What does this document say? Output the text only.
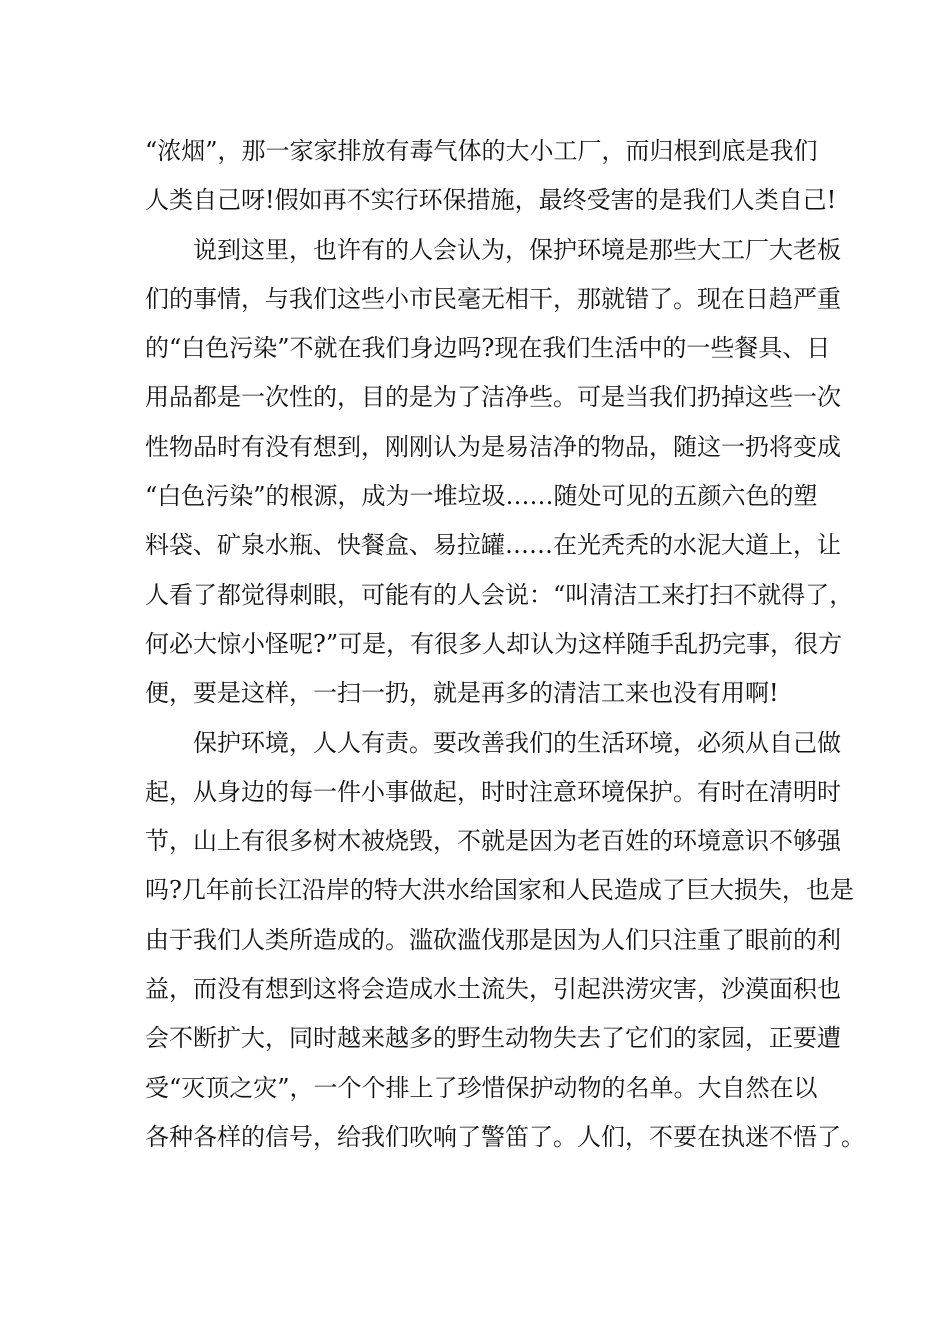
“浓烟”，那一家家排放有毒气体的大小工厂，而归根到底是我们
人类自己呀!假如再不实行环保措施，最终受害的是我们人类自己!
说到这里，也许有的人会认为，保护环境是那些大工厂大老板
们的事情，与我们这些小市民毫无相干，那就错了。现在日趋严重
的“白色污染”不就在我们身边吗?现在我们生活中的一些餐具、日
用品都是一次性的，目的是为了洁净些。可是当我们扔掉这些一次
性物品时有没有想到，刚刚认为是易洁净的物品，随这一扔将变成
“白色污染”的根源，成为一堆垃圾……随处可见的五颜六色的塑
料袋、矿泉水瓶、快餐盒、易拉罐……在光秃秃的水泥大道上，让
人看了都觉得刺眼，可能有的人会说：“叫清洁工来打扫不就得了，
何必大惊小怪呢?”可是，有很多人却认为这样随手乱扔完事，很方
便，要是这样，一扫一扔，就是再多的清洁工来也没有用啊!
保护环境，人人有责。要改善我们的生活环境，必须从自己做
起，从身边的每一件小事做起，时时注意环境保护。有时在清明时
节，山上有很多树木被烧毁，不就是因为老百姓的环境意识不够强
吗?几年前长江沿岸的特大洪水给国家和人民造成了巨大损失，也是
由于我们人类所造成的。滥砍滥伐那是因为人们只注重了眼前的利
益，而没有想到这将会造成水土流失，引起洪涝灾害，沙漠面积也
会不断扩大，同时越来越多的野生动物失去了它们的家园，正要遭
受“灭顶之灾”，一个个排上了珍惜保护动物的名单。大自然在以
各种各样的信号，给我们吹响了警笛了。人们，不要在执迷不悟了。
